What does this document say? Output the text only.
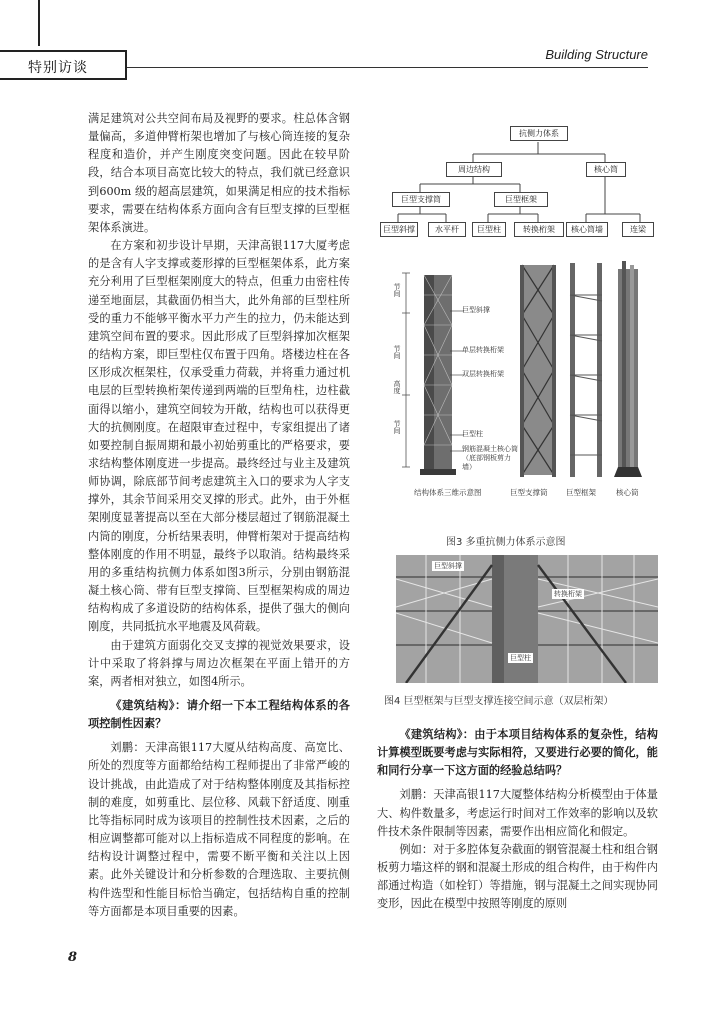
特别访谈
Building Structure

满足建筑对公共空间布局及视野的要求。柱总体含钢量偏高，多道伸臂桁架也增加了与核心筒连接的复杂程度和造价，并产生刚度突变问题。因此在较早阶段，结合本项目高宽比较大的特点，我们就已经意识到600m 级的超高层建筑，如果满足相应的技术指标要求，需要在结构体系方面向含有巨型支撑的巨型框架体系演进。

在方案和初步设计早期，天津高银117大厦考虑的是含有人字支撑或菱形撑的巨型框架体系，此方案充分利用了巨型框架刚度大的特点，但重力由密柱传递至地面层，其截面仍相当大，此外角部的巨型柱所受的重力不能够平衡水平力产生的拉力，仍未能达到建筑空间布置的要求。因此形成了巨型斜撑加次框架的结构方案，即巨型柱仅布置于四角。塔楼边柱在各区形成次框架柱，仅承受重力荷载，并将重力通过机电层的巨型转换桁架传递到两端的巨型角柱，边柱截面得以缩小，建筑空间较为开敞，结构也可以获得更大的抗侧刚度。在超限审查过程中，专家组提出了诸如要控制自振周期和最小初始剪重比的严格要求，要求结构整体刚度进一步提高。最终经过与业主及建筑师协调，除底部节间考虑建筑主入口的要求为人字支撑外，其余节间采用交叉撑的形式。此外，由于外框架刚度显著提高以至在大部分楼层超过了钢筋混凝土内筒的刚度，分析结果表明，伸臂桁架对于提高结构整体刚度的作用不明显，最终予以取消。结构最终采用的多重结构抗侧力体系如图3所示，分别由钢筋混凝土核心筒、带有巨型支撑筒、巨型框架构成的周边结构构成了多道设防的结构体系，提供了强大的侧向刚度，共同抵抗水平地震及风荷载。

由于建筑方面弱化交叉支撑的视觉效果要求，设计中采取了将斜撑与周边次框架在平面上错开的方案，两者相对独立，如图4所示。

《建筑结构》：请介绍一下本工程结构体系的各项控制性因素？

刘鹏：天津高银117大厦从结构高度、高宽比、所处的烈度等方面都给结构工程师提出了非常严峻的设计挑战，由此造成了对于结构整体刚度及其指标控制的难度，如剪重比、层位移、风载下舒适度、刚重比等指标同时成为该项目的控制性技术因素，之后的相应调整都可能对以上指标造成不同程度的影响。在结构设计调整过程中，需要不断平衡和关注以上因素。此外关键设计和分析参数的合理选取、主要抗侧构件选型和性能目标恰当确定，包括结构自重的控制等方面都是本项目重要的因素。

抗侧力体系
周边结构	核心筒
巨型支撑筒	巨型框架
巨型斜撑	水平杆	巨型柱	转换桁架	核心筒墙	连梁
节间
节间
节间
高度
巨型斜撑
单层转换桁架
双层转换桁架
巨型柱
钢筋混凝土核心筒（底部钢板剪力墙）
结构体系三维示意图	巨型支撑筒 巨型框架	核心筒
图3 多重抗侧力体系示意图
巨型斜撑
转换桁架
巨型柱
图4 巨型框架与巨型支撑连接空间示意（双层桁架）

《建筑结构》：由于本项目结构体系的复杂性，结构计算模型既要考虑与实际相符，又要进行必要的简化，能和同行分享一下这方面的经验总结吗？

刘鹏：天津高银117大厦整体结构分析模型由于体量大、构件数量多，考虑运行时间对工作效率的影响以及软件技术条件限制等因素，需要作出相应简化和假定。

例如：对于多腔体复杂截面的钢管混凝土柱和组合钢板剪力墙这样的钢和混凝土形成的组合构件，由于构件内部通过构造（如栓钉）等措施，钢与混凝土之间实现协同变形，因此在模型中按照等刚度的原则

8
